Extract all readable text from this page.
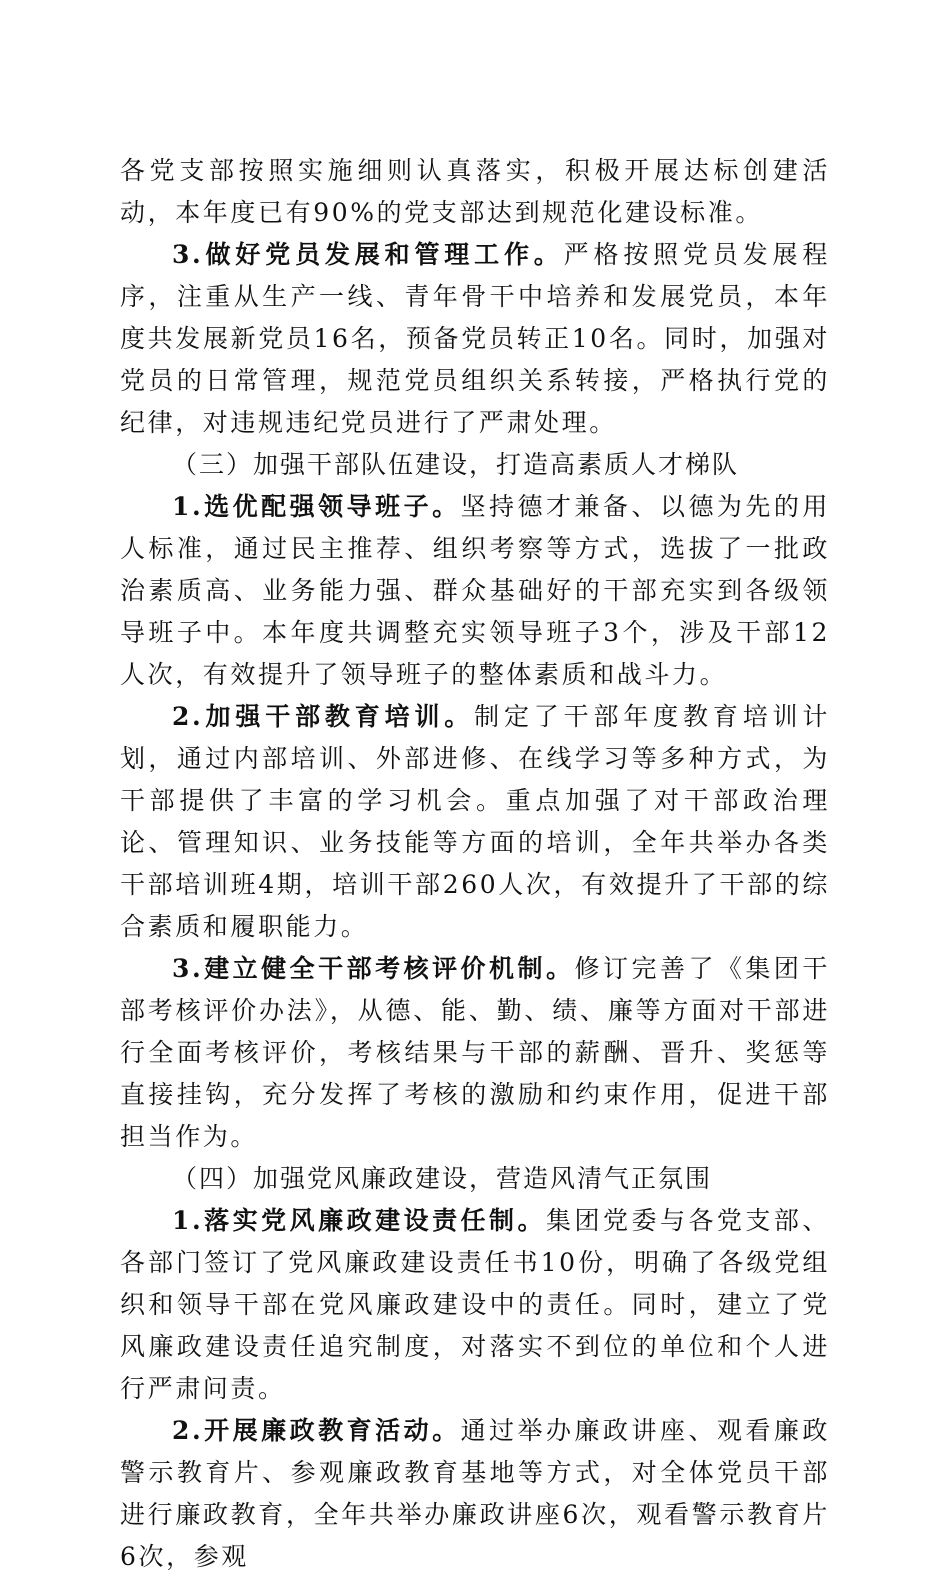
各党支部按照实施细则认真落实，积极开展达标创建活动，本年度已有90%的党支部达到规范化建设标准。

3.做好党员发展和管理工作。严格按照党员发展程序，注重从生产一线、青年骨干中培养和发展党员，本年度共发展新党员16名，预备党员转正10名。同时，加强对党员的日常管理，规范党员组织关系转接，严格执行党的纪律，对违规违纪党员进行了严肃处理。

（三）加强干部队伍建设，打造高素质人才梯队

1.选优配强领导班子。坚持德才兼备、以德为先的用人标准，通过民主推荐、组织考察等方式，选拔了一批政治素质高、业务能力强、群众基础好的干部充实到各级领导班子中。本年度共调整充实领导班子3个，涉及干部12人次，有效提升了领导班子的整体素质和战斗力。

2.加强干部教育培训。制定了干部年度教育培训计划，通过内部培训、外部进修、在线学习等多种方式，为干部提供了丰富的学习机会。重点加强了对干部政治理论、管理知识、业务技能等方面的培训，全年共举办各类干部培训班4期，培训干部260人次，有效提升了干部的综合素质和履职能力。

3.建立健全干部考核评价机制。修订完善了《集团干部考核评价办法》，从德、能、勤、绩、廉等方面对干部进行全面考核评价，考核结果与干部的薪酬、晋升、奖惩等直接挂钩，充分发挥了考核的激励和约束作用，促进干部担当作为。

（四）加强党风廉政建设，营造风清气正氛围

1.落实党风廉政建设责任制。集团党委与各党支部、各部门签订了党风廉政建设责任书10份，明确了各级党组织和领导干部在党风廉政建设中的责任。同时，建立了党风廉政建设责任追究制度，对落实不到位的单位和个人进行严肃问责。

2.开展廉政教育活动。通过举办廉政讲座、观看廉政警示教育片、参观廉政教育基地等方式，对全体党员干部进行廉政教育，全年共举办廉政讲座6次，观看警示教育片6次，参观
